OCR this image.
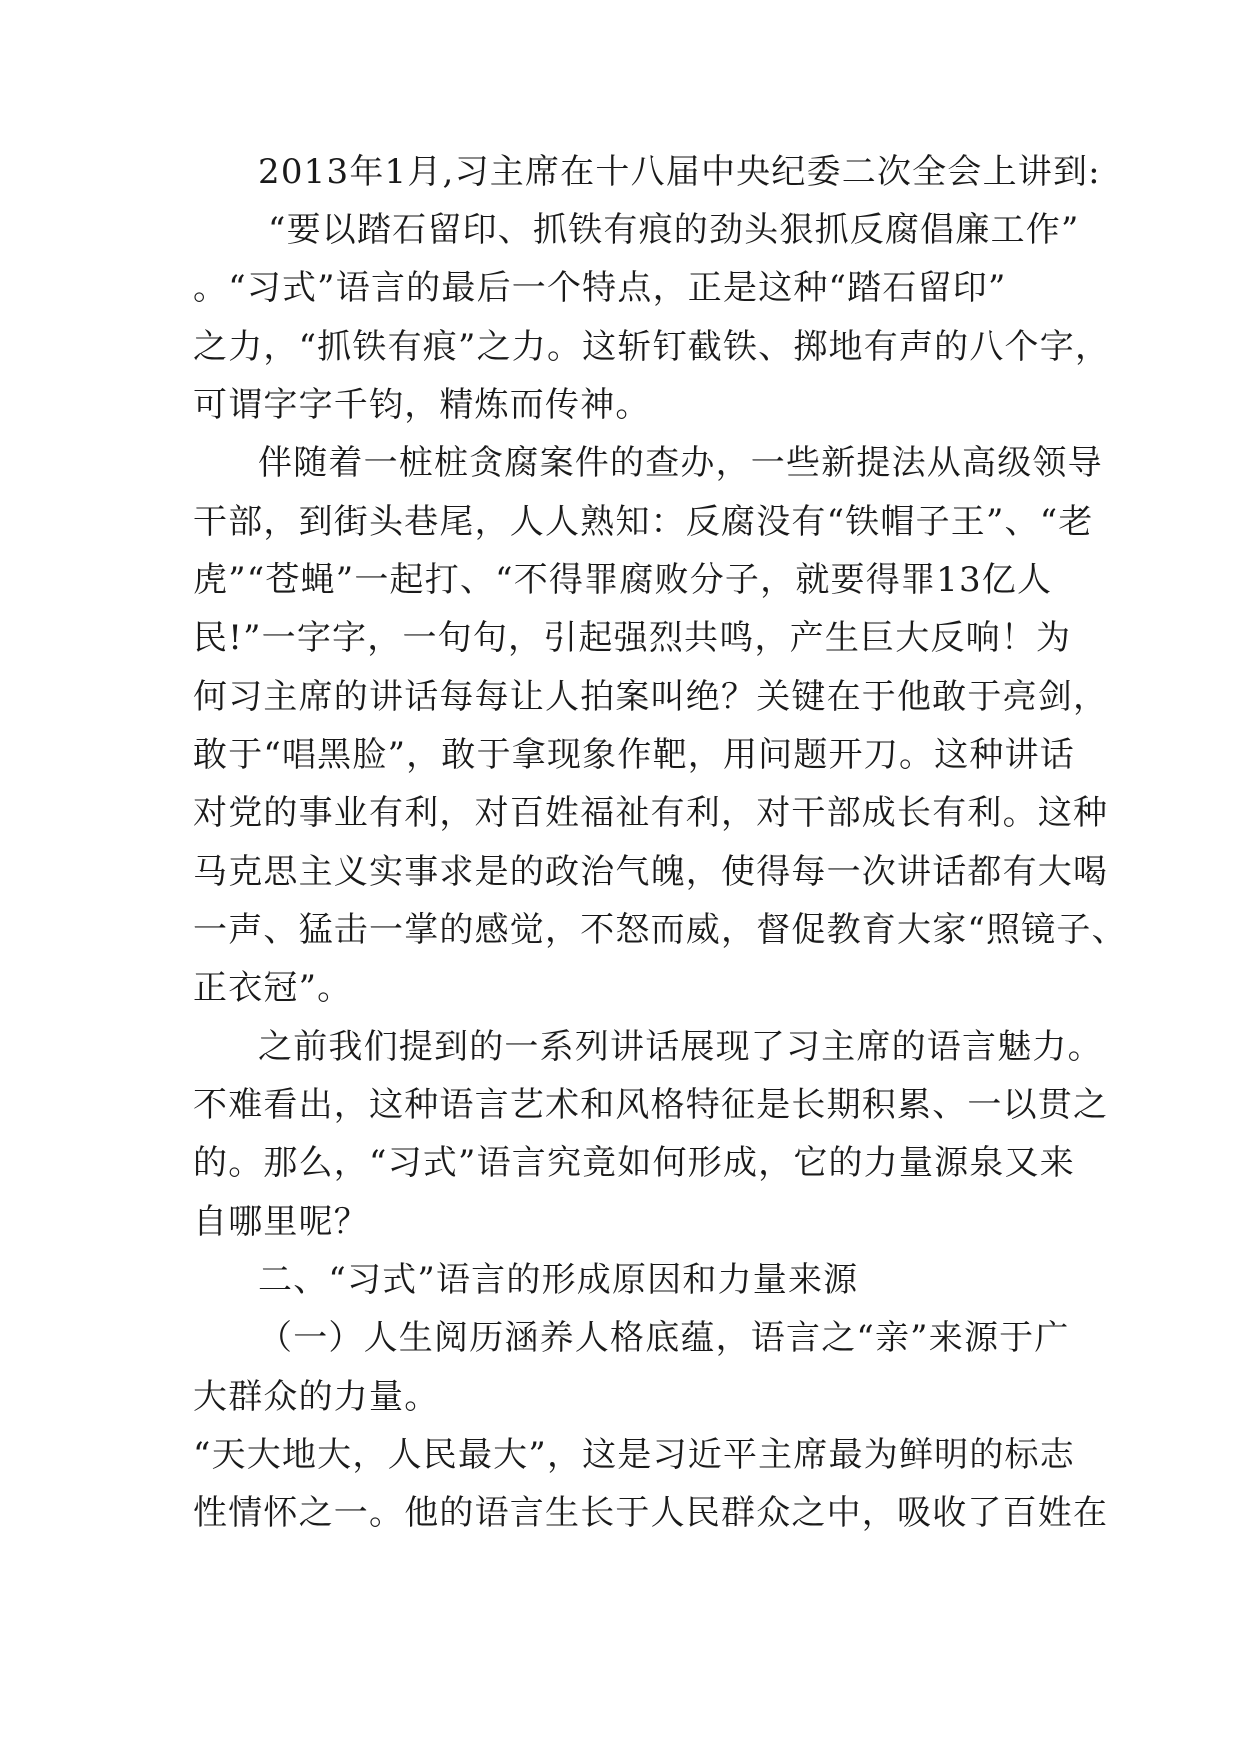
2013年1月,习主席在十八届中央纪委二次全会上讲到:
“要以踏石留印、抓铁有痕的劲头狠抓反腐倡廉工作”
。“习式”语言的最后一个特点，正是这种“踏石留印”
之力，“抓铁有痕”之力。这斩钉截铁、掷地有声的八个字，
可谓字字千钧，精炼而传神。
伴随着一桩桩贪腐案件的查办，一些新提法从高级领导
干部，到街头巷尾，人人熟知：反腐没有“铁帽子王”、“老
虎”“苍蝇”一起打、“不得罪腐败分子，就要得罪13亿人
民!”一字字，一句句，引起强烈共鸣，产生巨大反响！为
何习主席的讲话每每让人拍案叫绝？关键在于他敢于亮剑，
敢于“唱黑脸”，敢于拿现象作靶，用问题开刀。这种讲话
对党的事业有利，对百姓福祉有利，对干部成长有利。这种
马克思主义实事求是的政治气魄，使得每一次讲话都有大喝
一声、猛击一掌的感觉，不怒而威，督促教育大家“照镜子、
正衣冠”。
之前我们提到的一系列讲话展现了习主席的语言魅力。
不难看出，这种语言艺术和风格特征是长期积累、一以贯之
的。那么，“习式”语言究竟如何形成，它的力量源泉又来
自哪里呢？
二、“习式”语言的形成原因和力量来源
（一）人生阅历涵养人格底蕴，语言之“亲”来源于广
大群众的力量。
“天大地大，人民最大”，这是习近平主席最为鲜明的标志
性情怀之一。他的语言生长于人民群众之中，吸收了百姓在
